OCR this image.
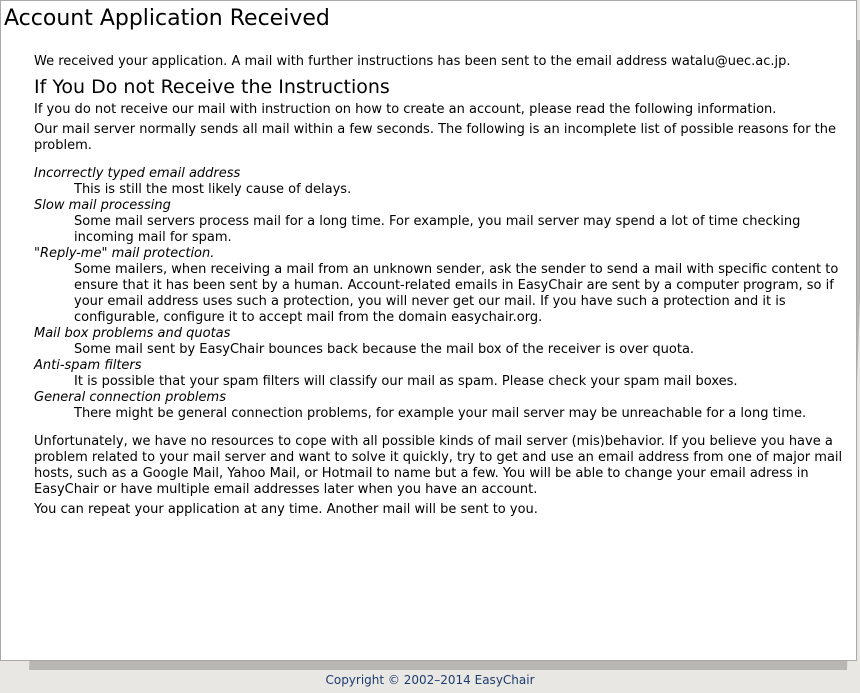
Account Application Received

We received your application. A mail with further instructions has been sent to the email address watalu@uec.ac.jp.

If You Do not Receive the Instructions

If you do not receive our mail with instruction on how to create an account, please read the following information.

Our mail server normally sends all mail within a few seconds. The following is an incomplete list of possible reasons for the problem.

Incorrectly typed email address
This is still the most likely cause of delays.
Slow mail processing
Some mail servers process mail for a long time. For example, you mail server may spend a lot of time checking incoming mail for spam.
"Reply-me" mail protection.
Some mailers, when receiving a mail from an unknown sender, ask the sender to send a mail with specific content to ensure that it has been sent by a human. Account-related emails in EasyChair are sent by a computer program, so if your email address uses such a protection, you will never get our mail. If you have such a protection and it is configurable, configure it to accept mail from the domain easychair.org.
Mail box problems and quotas
Some mail sent by EasyChair bounces back because the mail box of the receiver is over quota.
Anti-spam filters
It is possible that your spam filters will classify our mail as spam. Please check your spam mail boxes.
General connection problems
There might be general connection problems, for example your mail server may be unreachable for a long time.

Unfortunately, we have no resources to cope with all possible kinds of mail server (mis)behavior. If you believe you have a problem related to your mail server and want to solve it quickly, try to get and use an email address from one of major mail hosts, such as a Google Mail, Yahoo Mail, or Hotmail to name but a few. You will be able to change your email adress in EasyChair or have multiple email addresses later when you have an account.

You can repeat your application at any time. Another mail will be sent to you.

Copyright © 2002–2014 EasyChair
